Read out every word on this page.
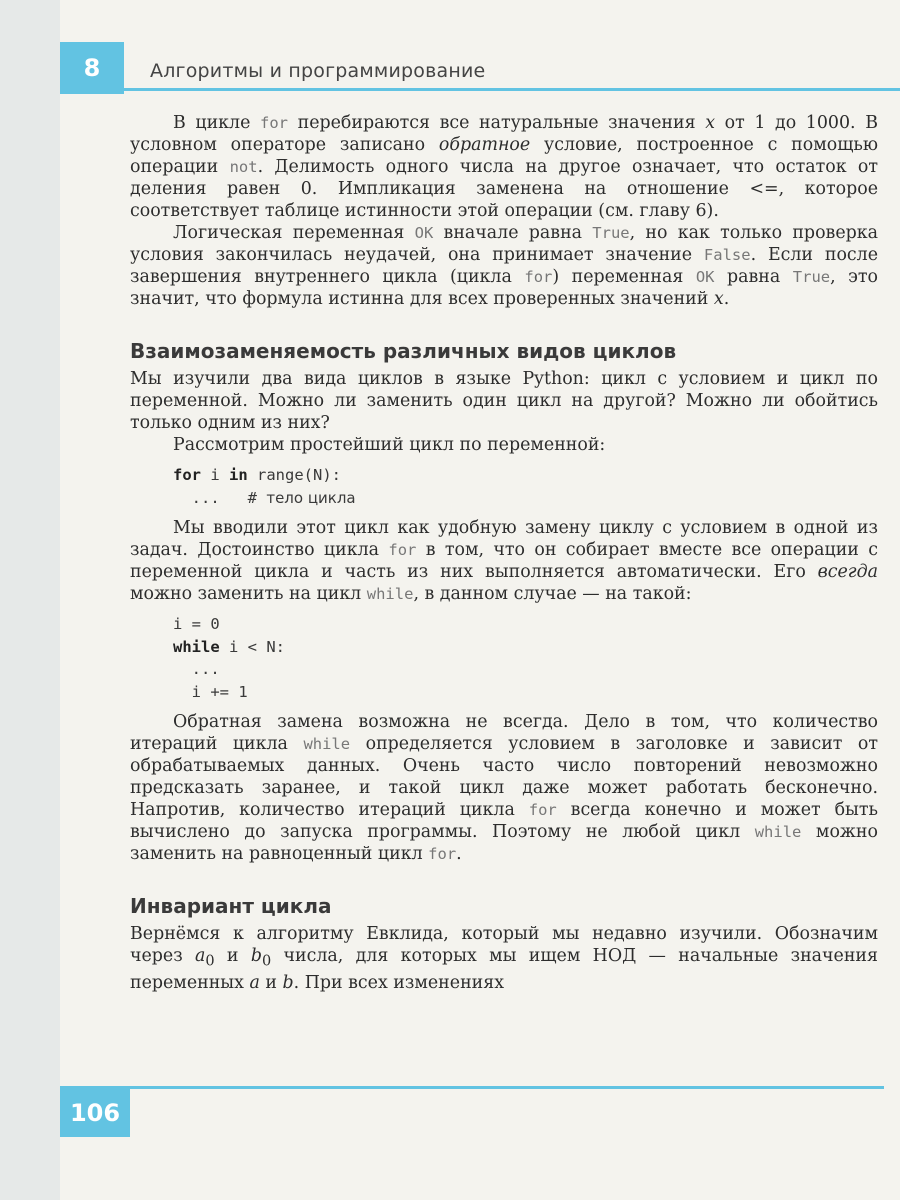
8	Алгоритмы и программирование

В цикле for перебираются все натуральные значения x от 1 до 1000. В условном операторе записано обратное условие, построенное с помощью операции not. Делимость одного числа на другое означает, что остаток от деления равен 0. Импликация заменена на отношение <=, которое соответствует таблице истинности этой операции (см. главу 6).

Логическая переменная OK вначале равна True, но как только проверка условия закончилась неудачей, она принимает значение False. Если после завершения внутреннего цикла (цикла for) переменная OK равна True, это значит, что формула истинна для всех проверенных значений x.

Взаимозаменяемость различных видов циклов

Мы изучили два вида циклов в языке Python: цикл с условием и цикл по переменной. Можно ли заменить один цикл на другой? Можно ли обойтись только одним из них?

Рассмотрим простейший цикл по переменной:

for i in range(N):
...   # тело цикла

Мы вводили этот цикл как удобную замену циклу с условием в одной из задач. Достоинство цикла for в том, что он собирает вместе все операции с переменной цикла и часть из них выполняется автоматически. Его всегда можно заменить на цикл while, в данном случае — на такой:

i = 0
while i < N:
...
i += 1

Обратная замена возможна не всегда. Дело в том, что количество итераций цикла while определяется условием в заголовке и зависит от обрабатываемых данных. Очень часто число повторений невозможно предсказать заранее, и такой цикл даже может работать бесконечно. Напротив, количество итераций цикла for всегда конечно и может быть вычислено до запуска программы. Поэтому не любой цикл while можно заменить на равноценный цикл for.

Инвариант цикла

Вернёмся к алгоритму Евклида, который мы недавно изучили. Обозначим через $a_0$ и $b_0$ числа, для которых мы ищем НОД — начальные значения переменных a и b. При всех изменениях

106
